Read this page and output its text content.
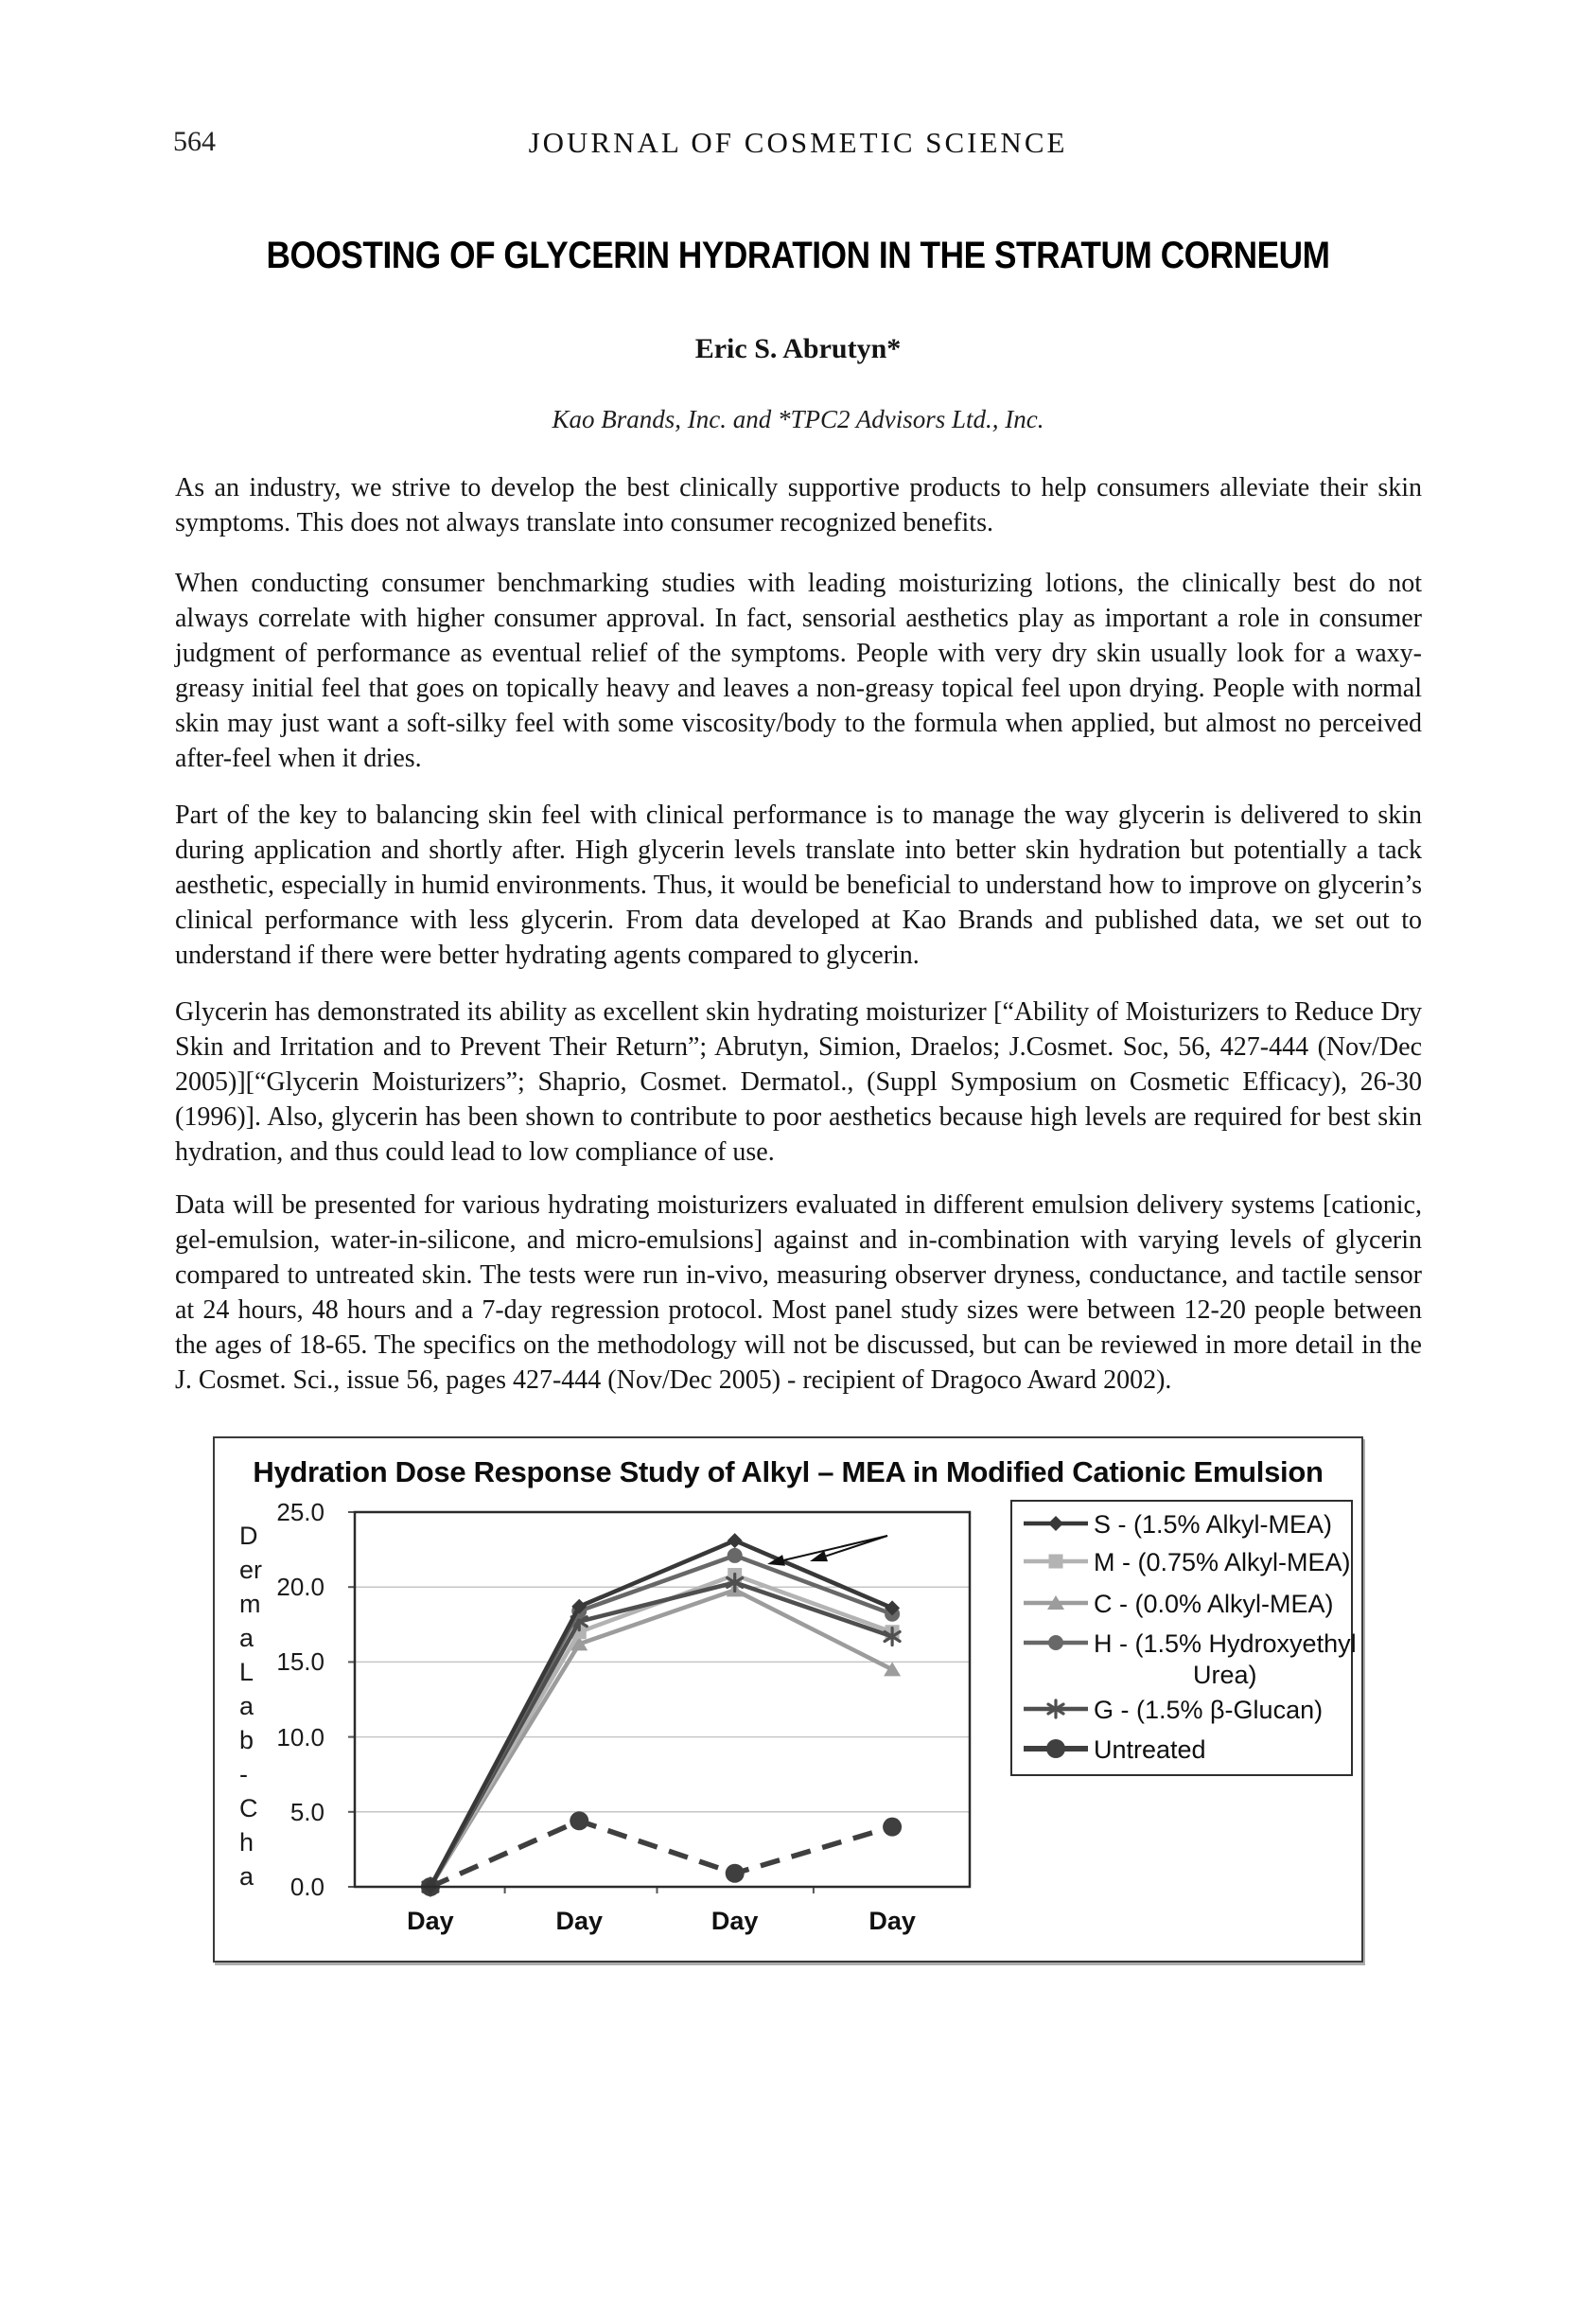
564	JOURNAL OF COSMETIC SCIENCE
BOOSTING OF GLYCERIN HYDRATION IN THE STRATUM CORNEUM
Eric S. Abrutyn*
Kao Brands, Inc. and *TPC2 Advisors Ltd., Inc.
As an industry, we strive to develop the best clinically supportive products to help consumers alleviate their skin symptoms. This does not always translate into consumer recognized benefits.
When conducting consumer benchmarking studies with leading moisturizing lotions, the clinically best do not always correlate with higher consumer approval. In fact, sensorial aesthetics play as important a role in consumer judgment of performance as eventual relief of the symptoms. People with very dry skin usually look for a waxy-greasy initial feel that goes on topically heavy and leaves a non-greasy topical feel upon drying. People with normal skin may just want a soft-silky feel with some viscosity/body to the formula when applied, but almost no perceived after-feel when it dries.
Part of the key to balancing skin feel with clinical performance is to manage the way glycerin is delivered to skin during application and shortly after. High glycerin levels translate into better skin hydration but potentially a tack aesthetic, especially in humid environments. Thus, it would be beneficial to understand how to improve on glycerin’s clinical performance with less glycerin. From data developed at Kao Brands and published data, we set out to understand if there were better hydrating agents compared to glycerin.
Glycerin has demonstrated its ability as excellent skin hydrating moisturizer [“Ability of Moisturizers to Reduce Dry Skin and Irritation and to Prevent Their Return”; Abrutyn, Simion, Draelos; J.Cosmet. Soc, 56, 427-444 (Nov/Dec 2005)][“Glycerin Moisturizers”; Shaprio, Cosmet. Dermatol., (Suppl Symposium on Cosmetic Efficacy), 26-30 (1996)]. Also, glycerin has been shown to contribute to poor aesthetics because high levels are required for best skin hydration, and thus could lead to low compliance of use.
Data will be presented for various hydrating moisturizers evaluated in different emulsion delivery systems [cationic, gel-emulsion, water-in-silicone, and micro-emulsions] against and in-combination with varying levels of glycerin compared to untreated skin. The tests were run in-vivo, measuring observer dryness, conductance, and tactile sensor at 24 hours, 48 hours and a 7-day regression protocol. Most panel study sizes were between 12-20 people between the ages of 18-65. The specifics on the methodology will not be discussed, but can be reviewed in more detail in the J. Cosmet. Sci., issue 56, pages 427-444 (Nov/Dec 2005) - recipient of Dragoco Award 2002).
Hydration Dose Response Study of Alkyl – MEA in Modified Cationic Emulsion
D
er
m
a
L
a
b
-
C
h
a
25.0
20.0
15.0
10.0
5.0
0.0
Day	Day	Day	Day
S - (1.5% Alkyl-MEA)
M - (0.75% Alkyl-MEA)
C - (0.0% Alkyl-MEA)
H - (1.5% Hydroxyethyl
Urea)
G - (1.5% β-Glucan)
Untreated
